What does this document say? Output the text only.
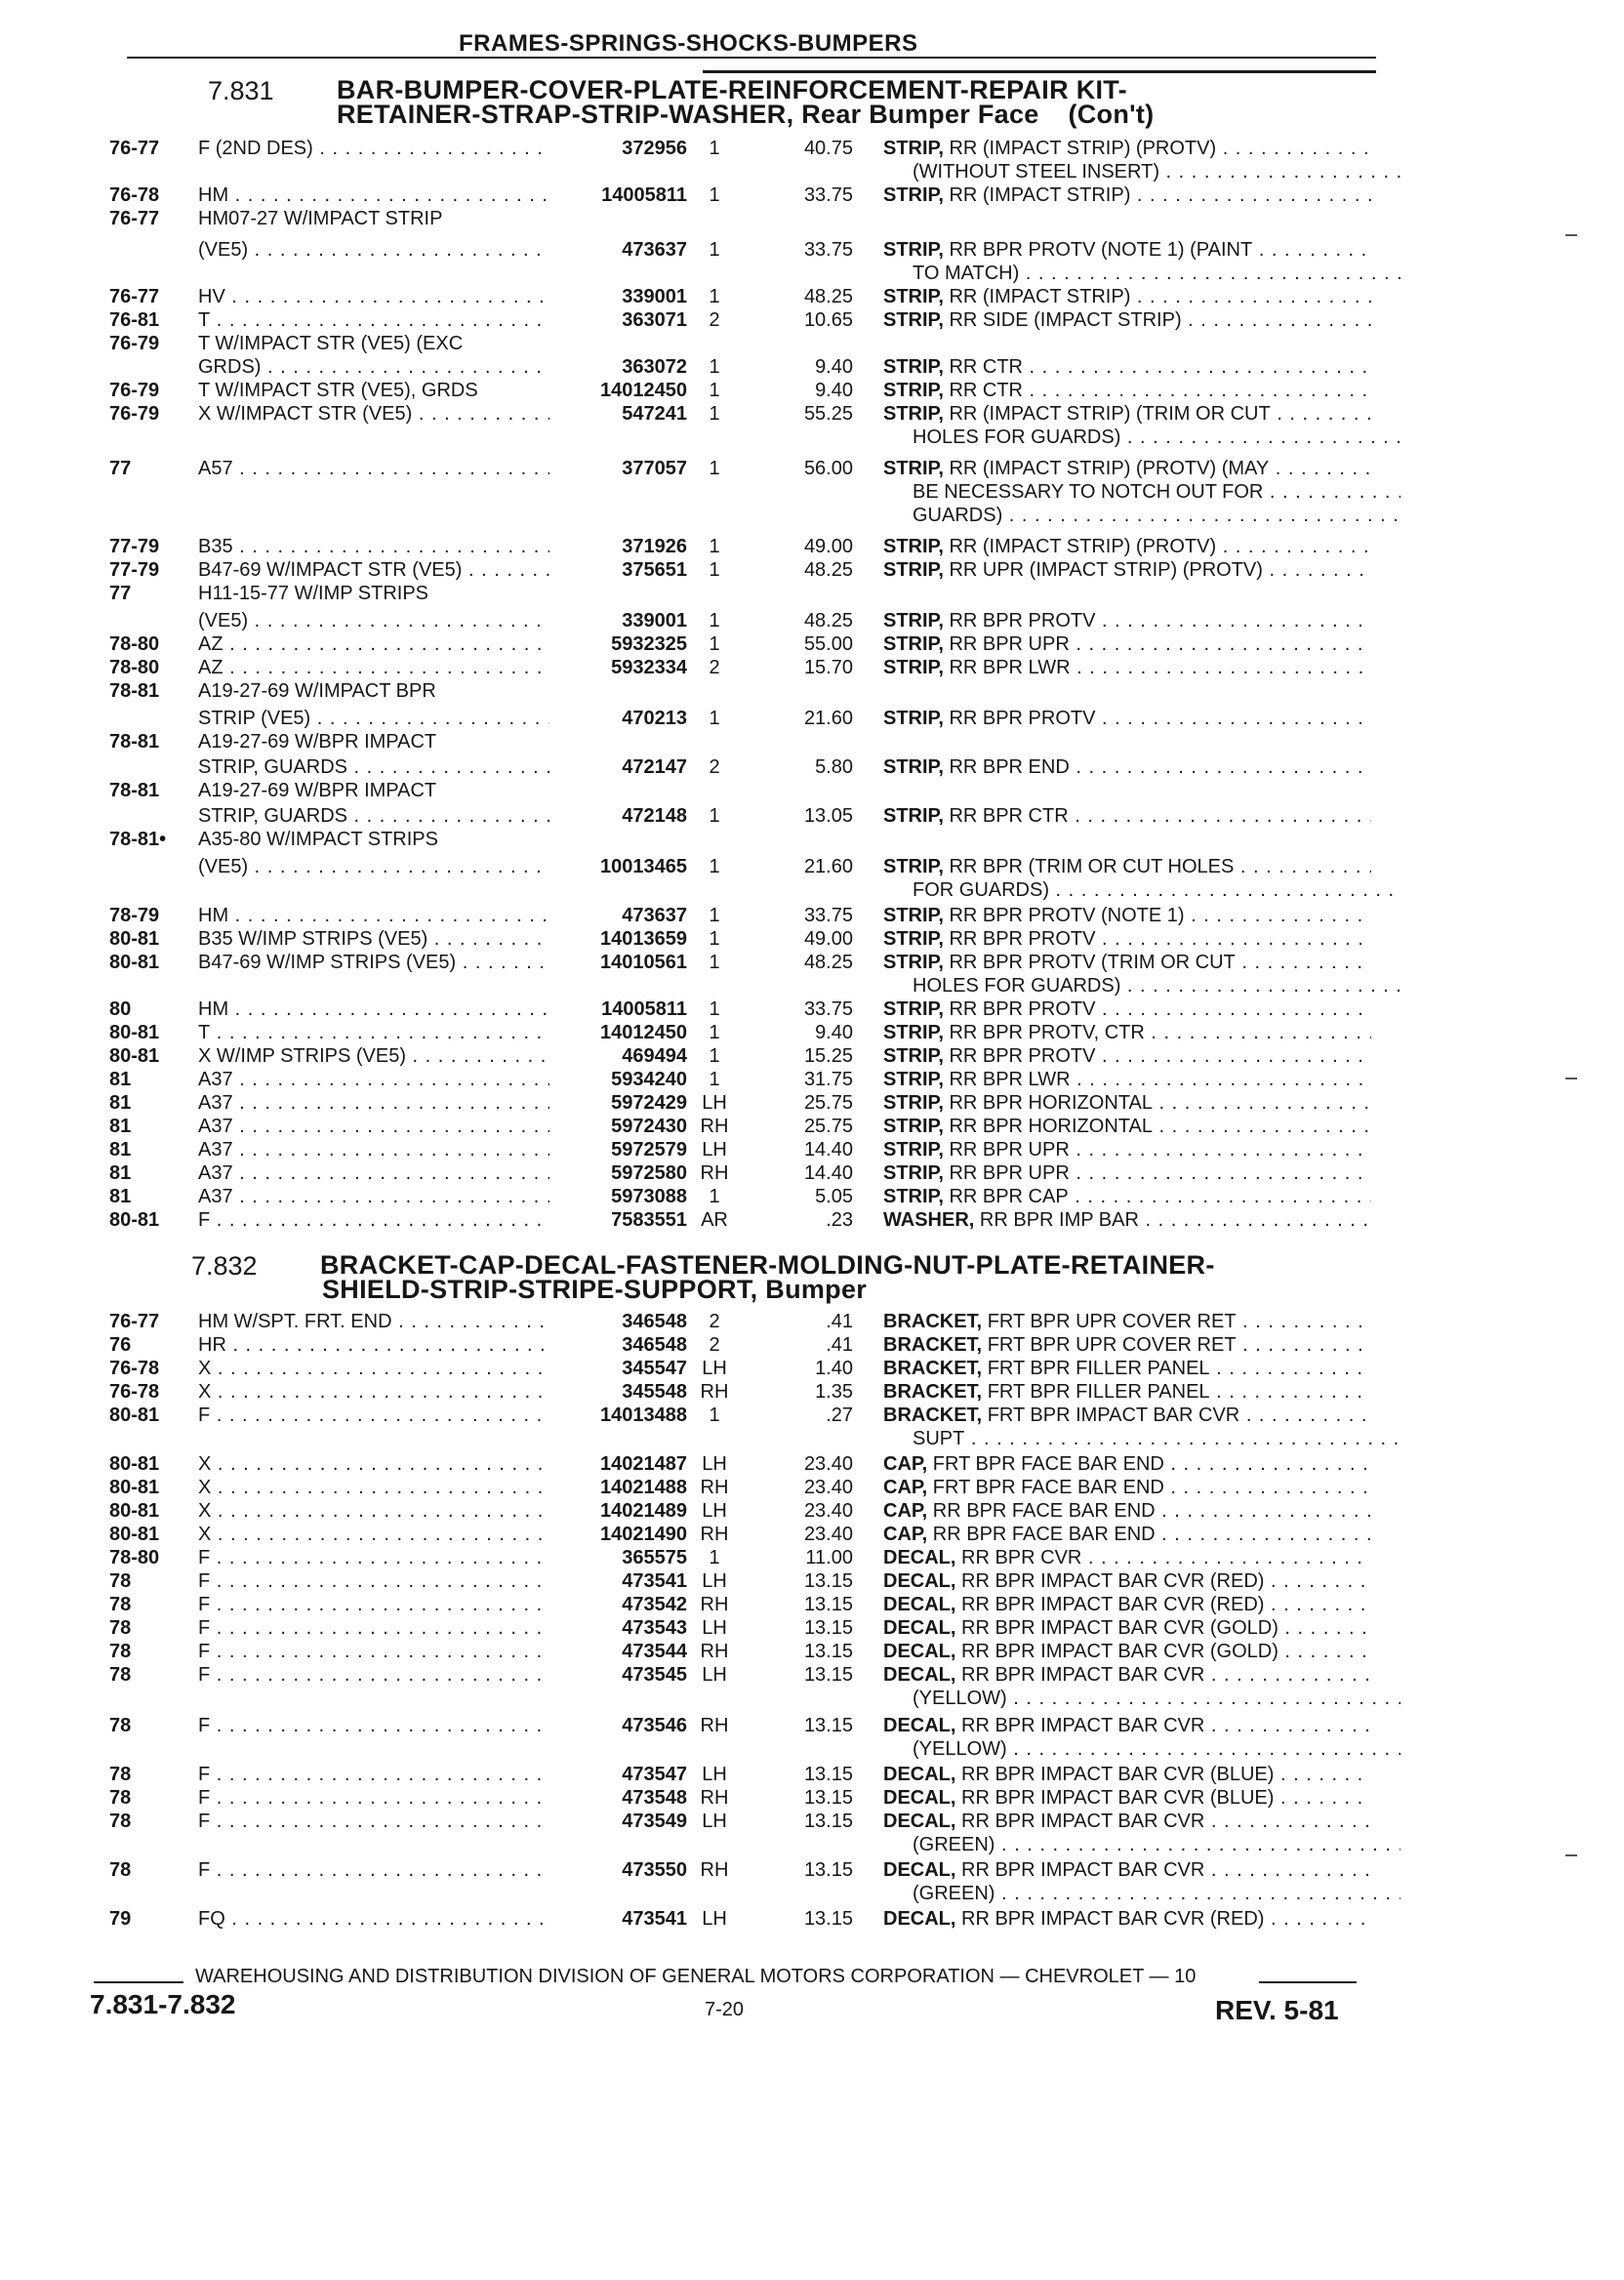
FRAMES-SPRINGS-SHOCKS-BUMPERS
7.831 BAR-BUMPER-COVER-PLATE-REINFORCEMENT-REPAIR KIT-
RETAINER-STRAP-STRIP-WASHER, Rear Bumper Face (Con't)
7.832 BRACKET-CAP-DECAL-FASTENER-MOLDING-NUT-PLATE-RETAINER-
SHIELD-STRIP-STRIPE-SUPPORT, Bumper
76-77	F (2ND DES) . . .	372956	1	40.75 STRIP, RR (IMPACT STRIP) (PROTV) . . .
(WITHOUT STEEL INSERT) . . .
76-78	HM . . .	14005811	1	33.75 STRIP, RR (IMPACT STRIP) . . .
76-77	HM07-27 W/IMPACT STRIP
(VE5) . . .	473637	1	33.75 STRIP, RR BPR PROTV (NOTE 1) (PAINT . . .
TO MATCH) . . .
76-77	HV . . .	339001	1	48.25 STRIP, RR (IMPACT STRIP) . . .
76-81	T . . .	363071	2	10.65 STRIP, RR SIDE (IMPACT STRIP) . . .
76-79	T W/IMPACT STR (VE5) (EXC
GRDS) . . .	363072	1	9.40 STRIP, RR CTR . . .
76-79	T W/IMPACT STR (VE5), GRDS	14012450	1	9.40 STRIP, RR CTR . . .
76-79	X W/IMPACT STR (VE5) . . .	547241	1	55.25 STRIP, RR (IMPACT STRIP) (TRIM OR CUT . . .
HOLES FOR GUARDS) . . .
77	A57 . . .	377057	1	56.00 STRIP, RR (IMPACT STRIP) (PROTV) (MAY . . .
BE NECESSARY TO NOTCH OUT FOR . . .
GUARDS) . . .
77-79	B35 . . .	371926	1	49.00 STRIP, RR (IMPACT STRIP) (PROTV) . . .
77-79	B47-69 W/IMPACT STR (VE5) . . .	375651	1	48.25 STRIP, RR UPR (IMPACT STRIP) (PROTV) . . .
77	H11-15-77 W/IMP STRIPS
(VE5) . . .	339001	1	48.25 STRIP, RR BPR PROTV . . .
78-80	AZ . . .	5932325	1	55.00 STRIP, RR BPR UPR . . .
78-80	AZ . . .	5932334	2	15.70 STRIP, RR BPR LWR . . .
78-81	A19-27-69 W/IMPACT BPR
STRIP (VE5) . . .	470213	1	21.60 STRIP, RR BPR PROTV . . .
78-81	A19-27-69 W/BPR IMPACT
STRIP, GUARDS . . .	472147	2	5.80 STRIP, RR BPR END . . .
78-81	A19-27-69 W/BPR IMPACT
STRIP, GUARDS . . .	472148	1	13.05 STRIP, RR BPR CTR . . .
78-81•	A35-80 W/IMPACT STRIPS
(VE5) . . .	10013465	1	21.60 STRIP, RR BPR (TRIM OR CUT HOLES . . .
FOR GUARDS) . . .
78-79	HM . . .	473637	1	33.75 STRIP, RR BPR PROTV (NOTE 1) . . .
80-81	B35 W/IMP STRIPS (VE5) . . .	14013659	1	49.00 STRIP, RR BPR PROTV . . .
80-81	B47-69 W/IMP STRIPS (VE5) . . .	14010561	1	48.25 STRIP, RR BPR PROTV (TRIM OR CUT . . .
HOLES FOR GUARDS) . . .
80	HM . . .	14005811	1	33.75 STRIP, RR BPR PROTV . . .
80-81	T . . .	14012450	1	9.40 STRIP, RR BPR PROTV, CTR . . .
80-81	X W/IMP STRIPS (VE5) . . .	469494	1	15.25 STRIP, RR BPR PROTV . . .
81	A37 . . .	5934240	1	31.75 STRIP, RR BPR LWR . . .
81	A37 . . .	5972429 LH	25.75 STRIP, RR BPR HORIZONTAL . . .
81	A37 . . .	5972430 RH	25.75 STRIP, RR BPR HORIZONTAL . . .
81	A37 . . .	5972579 LH	14.40 STRIP, RR BPR UPR . . .
81	A37 . . .	5972580 RH	14.40 STRIP, RR BPR UPR . . .
81	A37 . . .	5973088	1	5.05 STRIP, RR BPR CAP . . .
80-81	F . . .	7583551 AR	.23 WASHER, RR BPR IMP BAR . . .
76-77	HM W/SPT. FRT. END . . .	346548	2	.41 BRACKET, FRT BPR UPR COVER RET . . .
76	HR . . .	346548	2	.41 BRACKET, FRT BPR UPR COVER RET . . .
76-78	X . . .	345547 LH	1.40 BRACKET, FRT BPR FILLER PANEL . . .
76-78	X . . .	345548 RH	1.35 BRACKET, FRT BPR FILLER PANEL . . .
80-81	F . . .	14013488	1	.27 BRACKET, FRT BPR IMPACT BAR CVR . . .
SUPT . . .
80-81	X . . .	14021487 LH	23.40 CAP, FRT BPR FACE BAR END . . .
80-81	X . . .	14021488 RH	23.40 CAP, FRT BPR FACE BAR END . . .
80-81	X . . .	14021489 LH	23.40 CAP, RR BPR FACE BAR END . . .
80-81	X . . .	14021490 RH	23.40 CAP, RR BPR FACE BAR END . . .
78-80	F . . .	365575	1	11.00 DECAL, RR BPR CVR . . .
78	F . . .	473541 LH	13.15 DECAL, RR BPR IMPACT BAR CVR (RED) . . .
78	F . . .	473542 RH	13.15 DECAL, RR BPR IMPACT BAR CVR (RED) . . .
78	F . . .	473543 LH	13.15 DECAL, RR BPR IMPACT BAR CVR (GOLD) . . .
78	F . . .	473544 RH	13.15 DECAL, RR BPR IMPACT BAR CVR (GOLD) . . .
78	F . . .	473545 LH	13.15 DECAL, RR BPR IMPACT BAR CVR . . .
(YELLOW) . . .
78	F . . .	473546 RH	13.15 DECAL, RR BPR IMPACT BAR CVR . . .
(YELLOW) . . .
78	F . . .	473547 LH	13.15 DECAL, RR BPR IMPACT BAR CVR (BLUE) . . .
78	F . . .	473548 RH	13.15 DECAL, RR BPR IMPACT BAR CVR (BLUE) . . .
78	F . . .	473549 LH	13.15 DECAL, RR BPR IMPACT BAR CVR . . .
(GREEN) . . .
78	F . . .	473550 RH	13.15 DECAL, RR BPR IMPACT BAR CVR . . .
(GREEN) . . .
79	FQ . . .	473541 LH	13.15 DECAL, RR BPR IMPACT BAR CVR (RED) . . .
WAREHOUSING AND DISTRIBUTION DIVISION OF GENERAL MOTORS CORPORATION — CHEVROLET — 10
7.831-7.832	7-20	REV. 5-81
